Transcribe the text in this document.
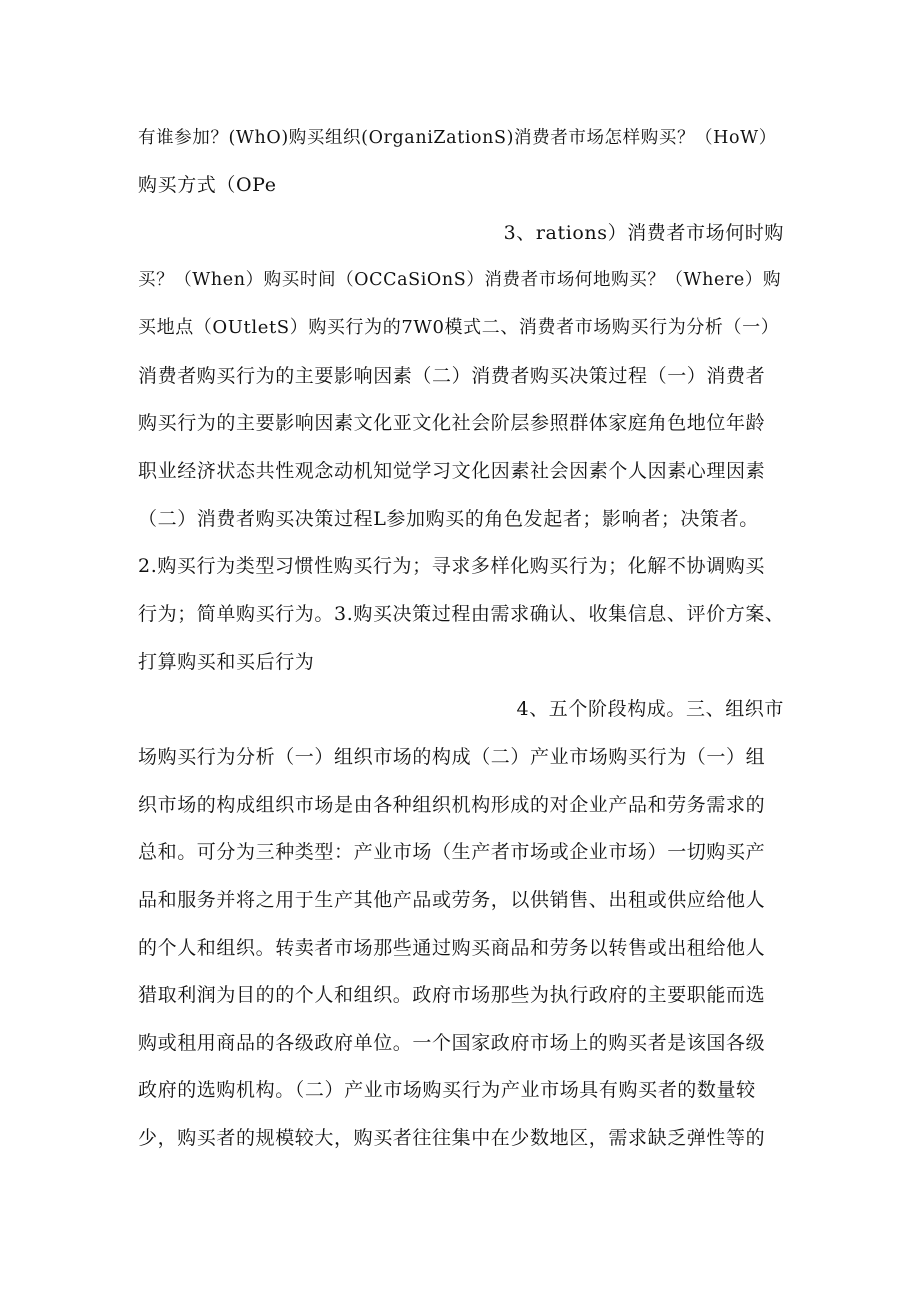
有谁参加？(WhO)购买组织(OrganiZationS)消费者市场怎样购买？（HoW）
购买方式（OPe
3、rations）消费者市场何时购
买？（When）购买时间（OCCaSiOnS）消费者市场何地购买？（Where）购
买地点（OUtletS）购买行为的7W0模式二、消费者市场购买行为分析（一）
消费者购买行为的主要影响因素（二）消费者购买决策过程（一）消费者
购买行为的主要影响因素文化亚文化社会阶层参照群体家庭角色地位年龄
职业经济状态共性观念动机知觉学习文化因素社会因素个人因素心理因素
（二）消费者购买决策过程L参加购买的角色发起者；影响者；决策者。
2.购买行为类型习惯性购买行为；寻求多样化购买行为；化解不协调购买
行为；简单购买行为。3.购买决策过程由需求确认、收集信息、评价方案、
打算购买和买后行为
4、五个阶段构成。三、组织市
场购买行为分析（一）组织市场的构成（二）产业市场购买行为（一）组
织市场的构成组织市场是由各种组织机构形成的对企业产品和劳务需求的
总和。可分为三种类型：产业市场（生产者市场或企业市场）一切购买产
品和服务并将之用于生产其他产品或劳务，以供销售、出租或供应给他人
的个人和组织。转卖者市场那些通过购买商品和劳务以转售或出租给他人
猎取利润为目的的个人和组织。政府市场那些为执行政府的主要职能而选
购或租用商品的各级政府单位。一个国家政府市场上的购买者是该国各级
政府的选购机构。（二）产业市场购买行为产业市场具有购买者的数量较
少，购买者的规模较大，购买者往往集中在少数地区，需求缺乏弹性等的
